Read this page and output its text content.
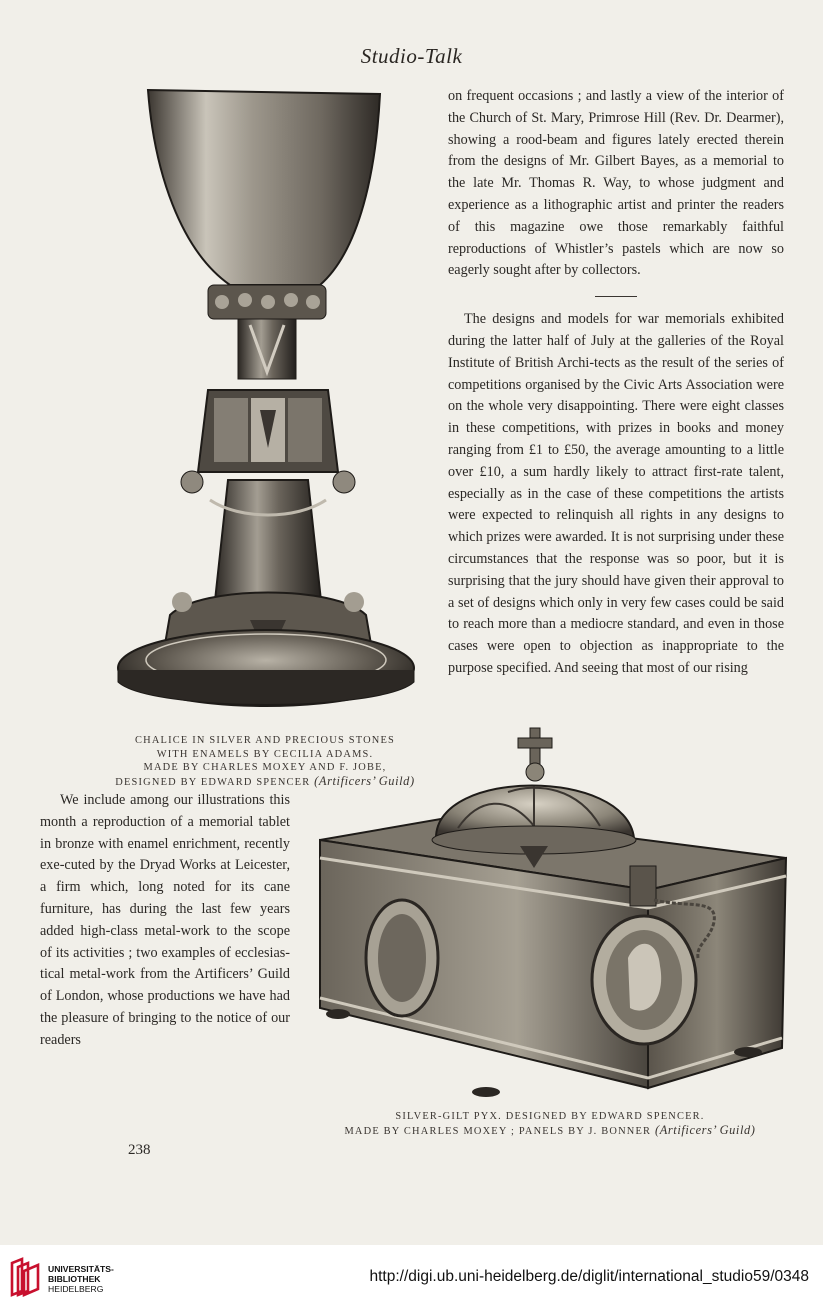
Studio-Talk
CHALICE IN SILVER AND PRECIOUS STONES
WITH ENAMELS BY CECILIA ADAMS.
MADE BY CHARLES MOXEY AND F. JOBE,
DESIGNED BY EDWARD SPENCER (Artificers’ Guild)

on frequent occasions ; and lastly a view of the interior of the Church of St. Mary, Primrose Hill (Rev. Dr. Dearmer), showing a rood-beam and figures lately erected therein from the designs of Mr. Gilbert Bayes, as a memorial to the late Mr. Thomas R. Way, to whose judgment and experience as a lithographic artist and printer the readers of this magazine owe those remarkably faithful reproductions of Whistler’s pastels which are now so eagerly sought after by collectors.

The designs and models for war memorials exhibited during the latter half of July at the galleries of the Royal Institute of British Archi-tects as the result of the series of competitions organised by the Civic Arts Association were on the whole very disappointing. There were eight classes in these competitions, with prizes in books and money ranging from £1 to £50, the average amounting to a little over £10, a sum hardly likely to attract first-rate talent, especially as in the case of these competitions the artists were expected to relinquish all rights in any designs to which prizes were awarded. It is not surprising under these circumstances that the response was so poor, but it is surprising that the jury should have given their approval to a set of designs which only in very few cases could be said to reach more than a mediocre standard, and even in those cases were open to objection as inappropriate to the purpose specified. And seeing that most of our rising

SILVER-GILT PYX. DESIGNED BY EDWARD SPENCER.
MADE BY CHARLES MOXEY ; PANELS BY J. BONNER (Artificers’ Guild)

We include among our illustrations this month a reproduction of a memorial tablet in bronze with enamel enrichment, recently exe-cuted by the Dryad Works at Leicester, a firm which, long noted for its cane furniture, has during the last few years added high-class metal-work to the scope of its activities ; two examples of ecclesias-tical metal-work from the Artificers’ Guild of London, whose productions we have had the pleasure of bringing to the notice of our readers

238
UNIVERSITÄTS-
BIBLIOTHEK
HEIDELBERG
http://digi.ub.uni-heidelberg.de/diglit/international_studio59/0348
